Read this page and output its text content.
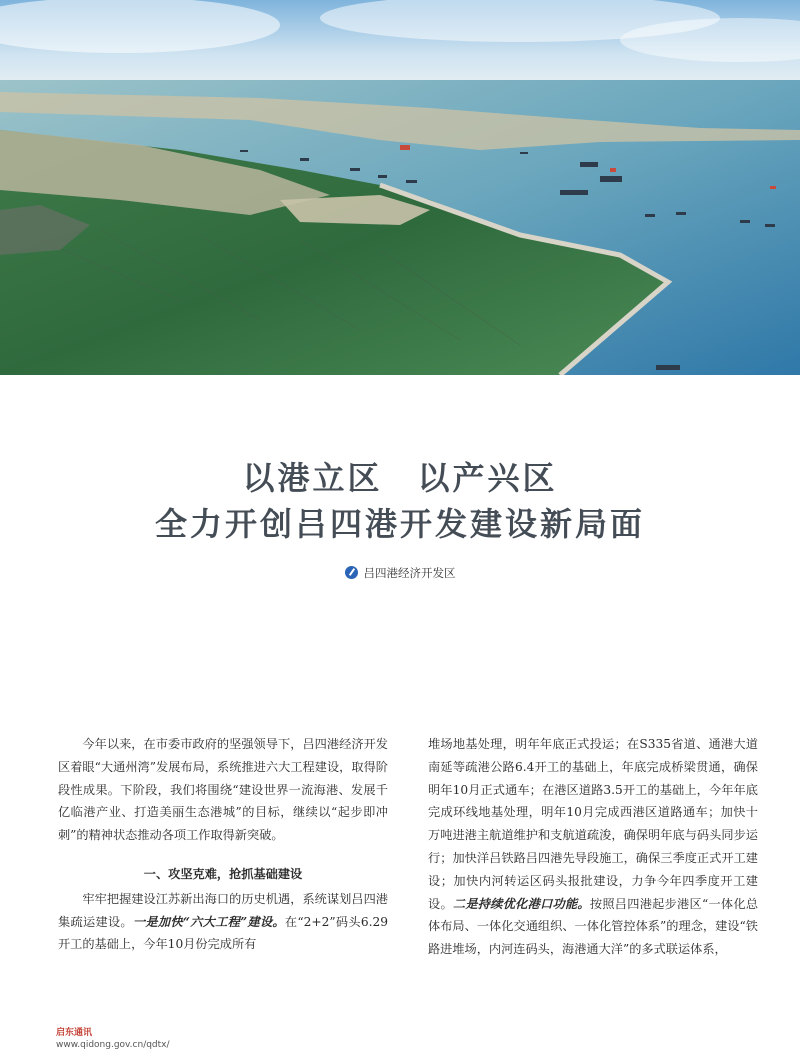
以港立区　以产兴区
全力开创吕四港开发建设新局面
吕四港经济开发区

今年以来，在市委市政府的坚强领导下，吕四港经济开发区着眼“大通州湾”发展布局，系统推进六大工程建设，取得阶段性成果。下阶段，我们将围绕“建设世界一流海港、发展千亿临港产业、打造美丽生态港城”的目标，继续以“起步即冲刺”的精神状态推动各项工作取得新突破。

一、攻坚克难，抢抓基础建设

牢牢把握建设江苏新出海口的历史机遇，系统谋划吕四港集疏运建设。一是加快“六大工程”建设。在“2+2”码头6.29开工的基础上，今年10月份完成所有

堆场地基处理，明年年底正式投运；在S335省道、通港大道南延等疏港公路6.4开工的基础上，年底完成桥梁贯通，确保明年10月正式通车；在港区道路3.5开工的基础上，今年年底完成环线地基处理，明年10月完成西港区道路通车；加快十万吨进港主航道维护和支航道疏浚，确保明年底与码头同步运行；加快洋吕铁路吕四港先导段施工，确保三季度正式开工建设；加快内河转运区码头报批建设，力争今年四季度开工建设。二是持续优化港口功能。按照吕四港起步港区“一体化总体布局、一体化交通组织、一体化管控体系”的理念，建设“铁路进堆场，内河连码头，海港通大洋”的多式联运体系，

启东通讯
www.qidong.gov.cn/qdtx/
